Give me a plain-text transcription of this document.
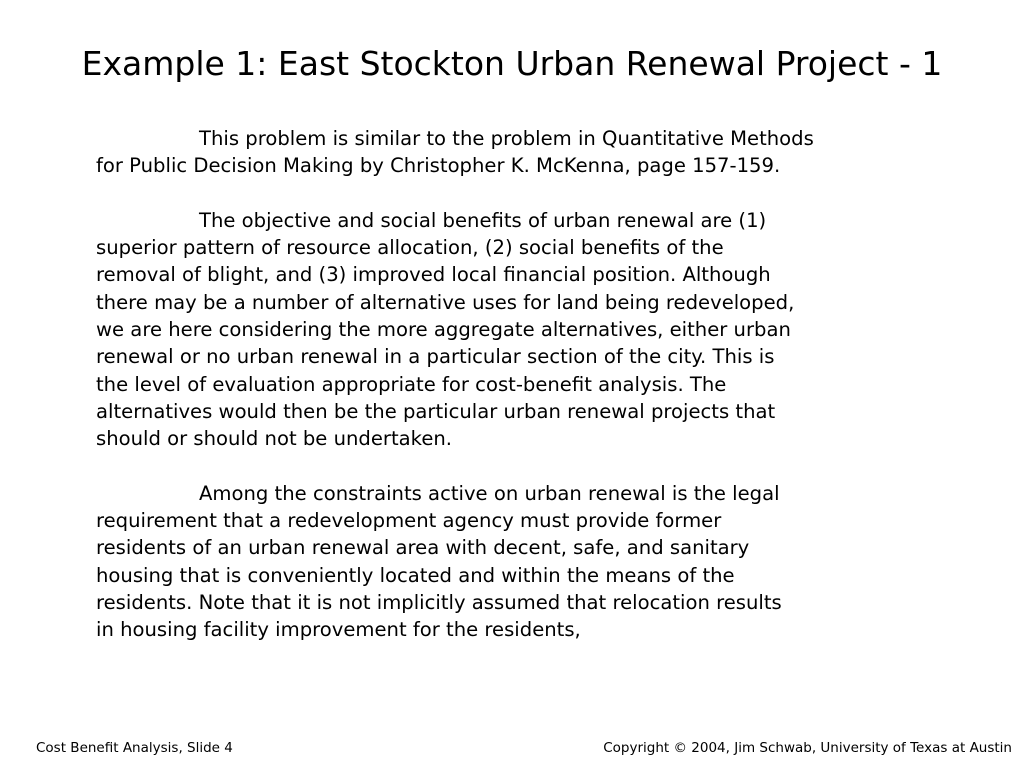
Example 1: East Stockton Urban Renewal Project - 1

This problem is similar to the problem in Quantitative Methods
for Public Decision Making by Christopher K. McKenna, page 157-159.

The objective and social benefits of urban renewal are (1)
superior pattern of resource allocation, (2) social benefits of the
removal of blight, and (3) improved local financial position. Although
there may be a number of alternative uses for land being redeveloped,
we are here considering the more aggregate alternatives, either urban
renewal or no urban renewal in a particular section of the city. This is
the level of evaluation appropriate for cost-benefit analysis. The
alternatives would then be the particular urban renewal projects that
should or should not be undertaken.

Among the constraints active on urban renewal is the legal
requirement that a redevelopment agency must provide former
residents of an urban renewal area with decent, safe, and sanitary
housing that is conveniently located and within the means of the
residents. Note that it is not implicitly assumed that relocation results
in housing facility improvement for the residents,

Cost Benefit Analysis, Slide 4	Copyright © 2004, Jim Schwab, University of Texas at Austin
